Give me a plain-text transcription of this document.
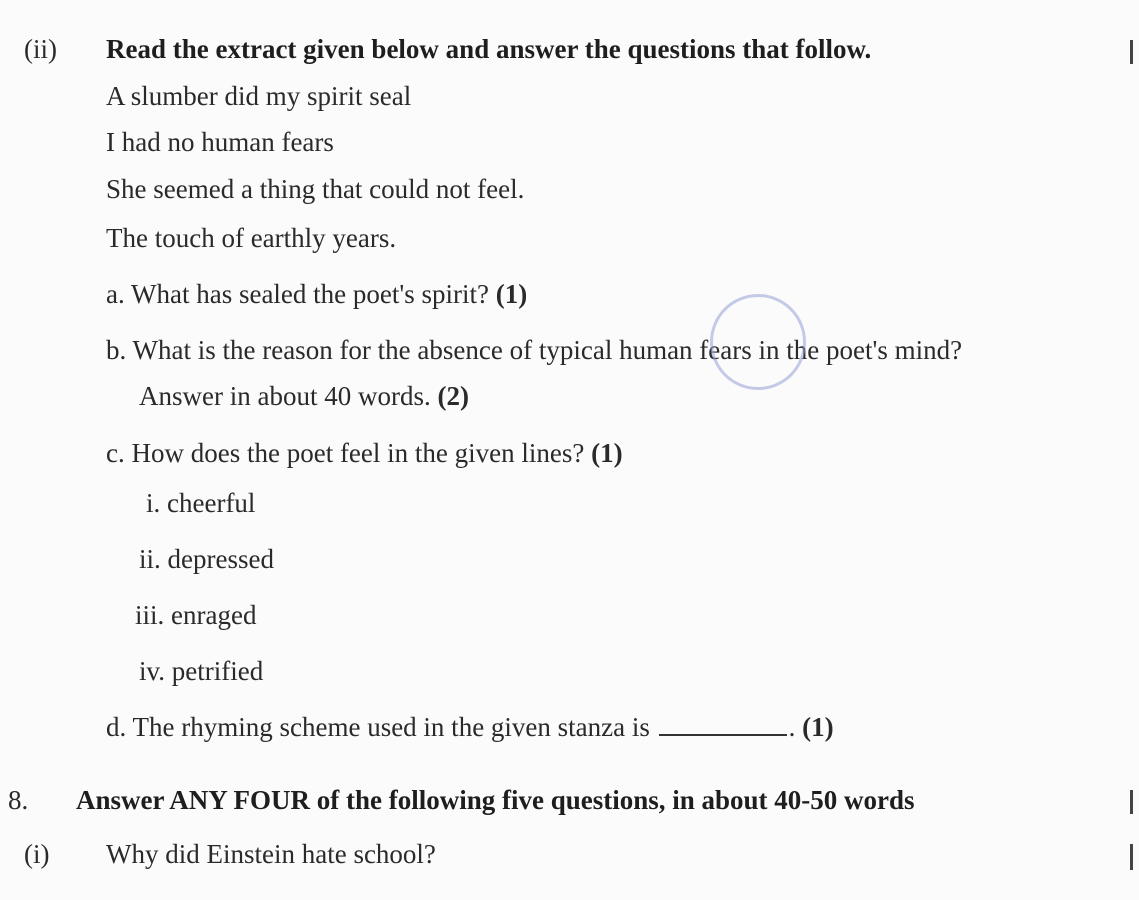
(ii) Read the extract given below and answer the questions that follow.
A slumber did my spirit seal
I had no human fears
She seemed a thing that could not feel.
The touch of earthly years.
a. What has sealed the poet's spirit? (1)
b. What is the reason for the absence of typical human fears in the poet's mind?
Answer in about 40 words. (2)
c. How does the poet feel in the given lines? (1)
i. cheerful
ii. depressed
iii. enraged
iv. petrified
d. The rhyming scheme used in the given stanza is	. (1)
8. Answer ANY FOUR of the following five questions, in about 40-50 words
(i) Why did Einstein hate school?
